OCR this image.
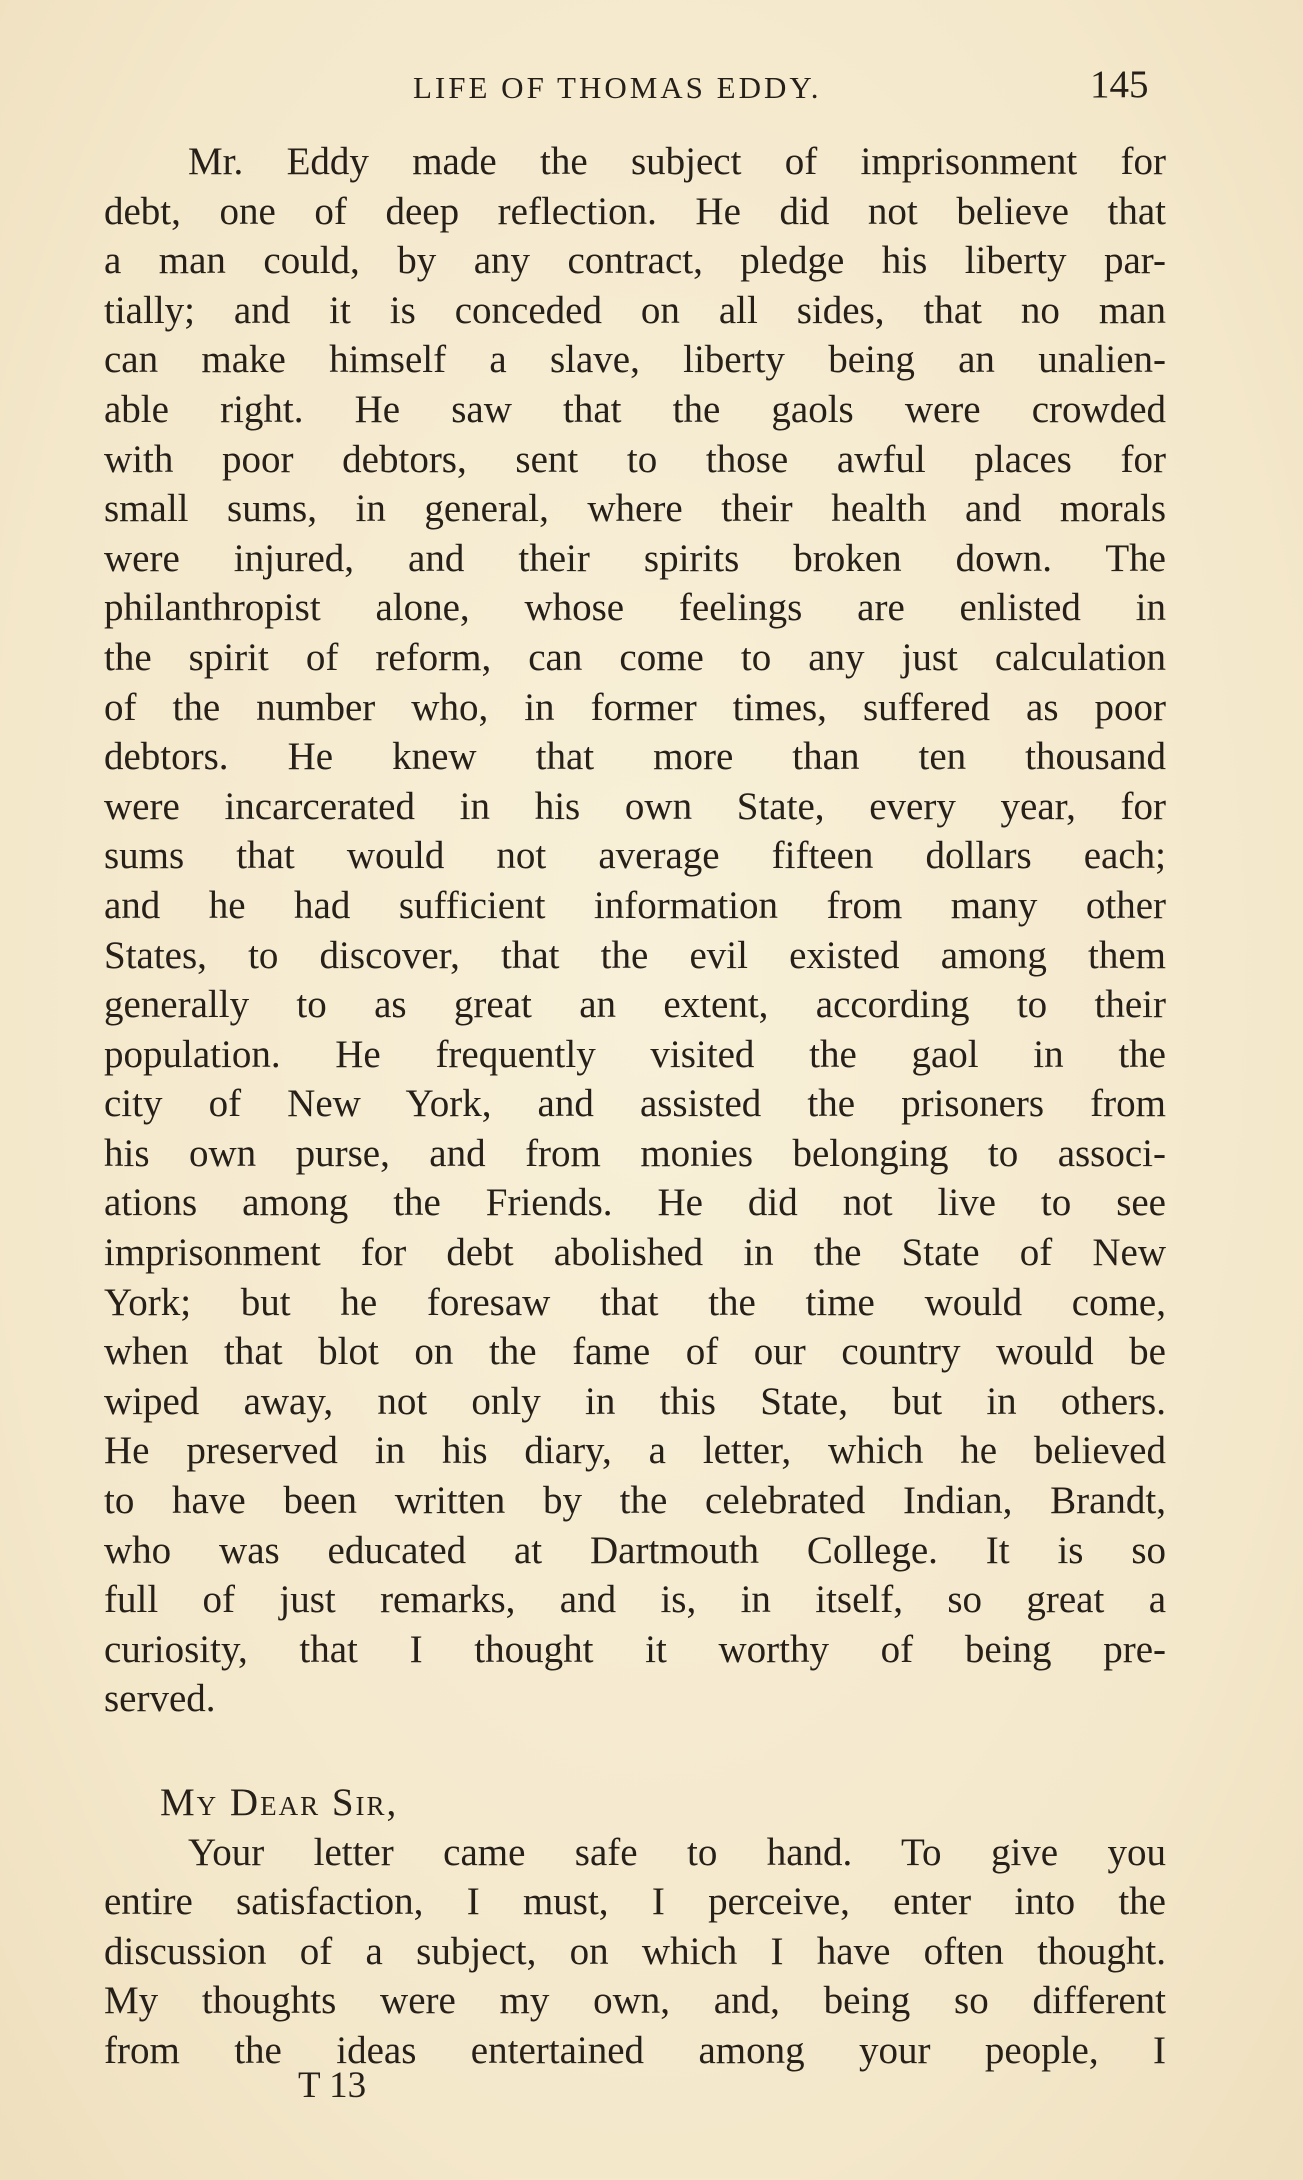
LIFE OF THOMAS EDDY.	145
Mr. Eddy made the subject of imprisonment for
debt, one of deep reflection. He did not believe that
a man could, by any contract, pledge his liberty par-
tially; and it is conceded on all sides, that no man
can make himself a slave, liberty being an unalien-
able right. He saw that the gaols were crowded
with poor debtors, sent to those awful places for
small sums, in general, where their health and morals
were injured, and their spirits broken down. The
philanthropist alone, whose feelings are enlisted in
the spirit of reform, can come to any just calculation
of the number who, in former times, suffered as poor
debtors. He knew that more than ten thousand
were incarcerated in his own State, every year, for
sums that would not average fifteen dollars each;
and he had sufficient information from many other
States, to discover, that the evil existed among them
generally to as great an extent, according to their
population. He frequently visited the gaol in the
city of New York, and assisted the prisoners from
his own purse, and from monies belonging to associ-
ations among the Friends. He did not live to see
imprisonment for debt abolished in the State of New
York; but he foresaw that the time would come,
when that blot on the fame of our country would be
wiped away, not only in this State, but in others.
He preserved in his diary, a letter, which he believed
to have been written by the celebrated Indian, Brandt,
who was educated at Dartmouth College. It is so
full of just remarks, and is, in itself, so great a
curiosity, that I thought it worthy of being pre-
served.
My Dear Sir,
Your letter came safe to hand. To give you
entire satisfaction, I must, I perceive, enter into the
discussion of a subject, on which I have often thought.
My thoughts were my own, and, being so different
from the ideas entertained among your people, I
T 13
